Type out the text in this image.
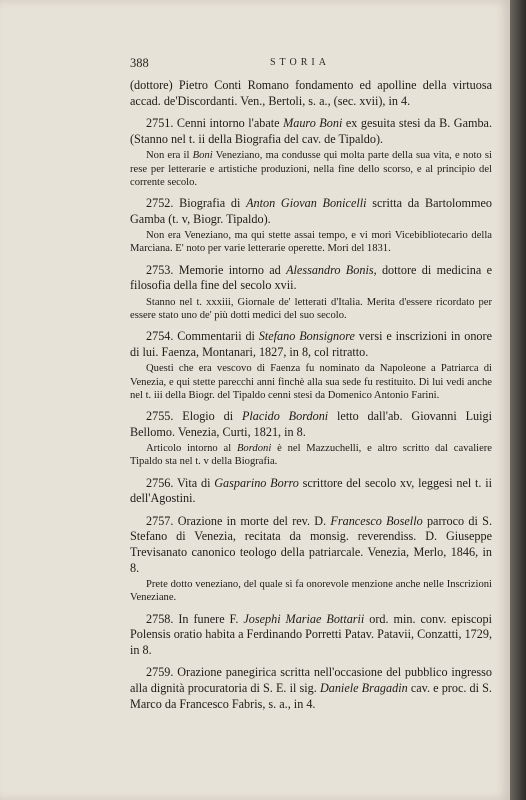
388	STORIA

(dottore) Pietro Conti Romano fondamento ed apolline della virtuosa accad. de'Discordanti. Ven., Bertoli, s. a., (sec. xvii), in 4.

2751. Cenni intorno l'abate Mauro Boni ex gesuita stesi da B. Gamba. (Stanno nel t. ii della Biografia del cav. de Tipaldo).

Non era il Boni Veneziano, ma condusse qui molta parte della sua vita, e noto si rese per letterarie e artistiche produzioni, nella fine dello scorso, e al principio del corrente secolo.

2752. Biografia di Anton Giovan Bonicelli scritta da Bartolommeo Gamba (t. v, Biogr. Tipaldo).

Non era Veneziano, ma qui stette assai tempo, e vi morì Vicebibliotecario della Marciana. E' noto per varie letterarie operette. Mori del 1831.

2753. Memorie intorno ad Alessandro Bonis, dottore di medicina e filosofia della fine del secolo xvii.

Stanno nel t. xxxiii, Giornale de' letterati d'Italia. Merita d'essere ricordato per essere stato uno de' più dotti medici del suo secolo.

2754. Commentarii di Stefano Bonsignore versi e inscrizioni in onore di lui. Faenza, Montanari, 1827, in 8, col ritratto.

Questi che era vescovo di Faenza fu nominato da Napoleone a Patriarca di Venezia, e qui stette parecchi anni finchè alla sua sede fu restituito. Di lui vedi anche nel t. iii della Biogr. del Tipaldo cenni stesi da Domenico Antonio Farini.

2755. Elogio di Placido Bordoni letto dall'ab. Giovanni Luigi Bellomo. Venezia, Curti, 1821, in 8.

Articolo intorno al Bordoni è nel Mazzuchelli, e altro scritto dal cavaliere Tipaldo sta nel t. v della Biografia.

2756. Vita di Gasparino Borro scrittore del secolo xv, leggesi nel t. ii dell'Agostini.

2757. Orazione in morte del rev. D. Francesco Bosello parroco di S. Stefano di Venezia, recitata da monsig. reverendiss. D. Giuseppe Trevisanato canonico teologo della patriarcale. Venezia, Merlo, 1846, in 8.

Prete dotto veneziano, del quale si fa onorevole menzione anche nelle Inscrizioni Veneziane.

2758. In funere F. Josephi Mariae Bottarii ord. min. conv. episcopi Polensis oratio habita a Ferdinando Porretti Patav. Patavii, Conzatti, 1729, in 8.

2759. Orazione panegirica scritta nell'occasione del pubblico ingresso alla dignità procuratoria di S. E. il sig. Daniele Bragadin cav. e proc. di S. Marco da Francesco Fabris, s. a., in 4.
